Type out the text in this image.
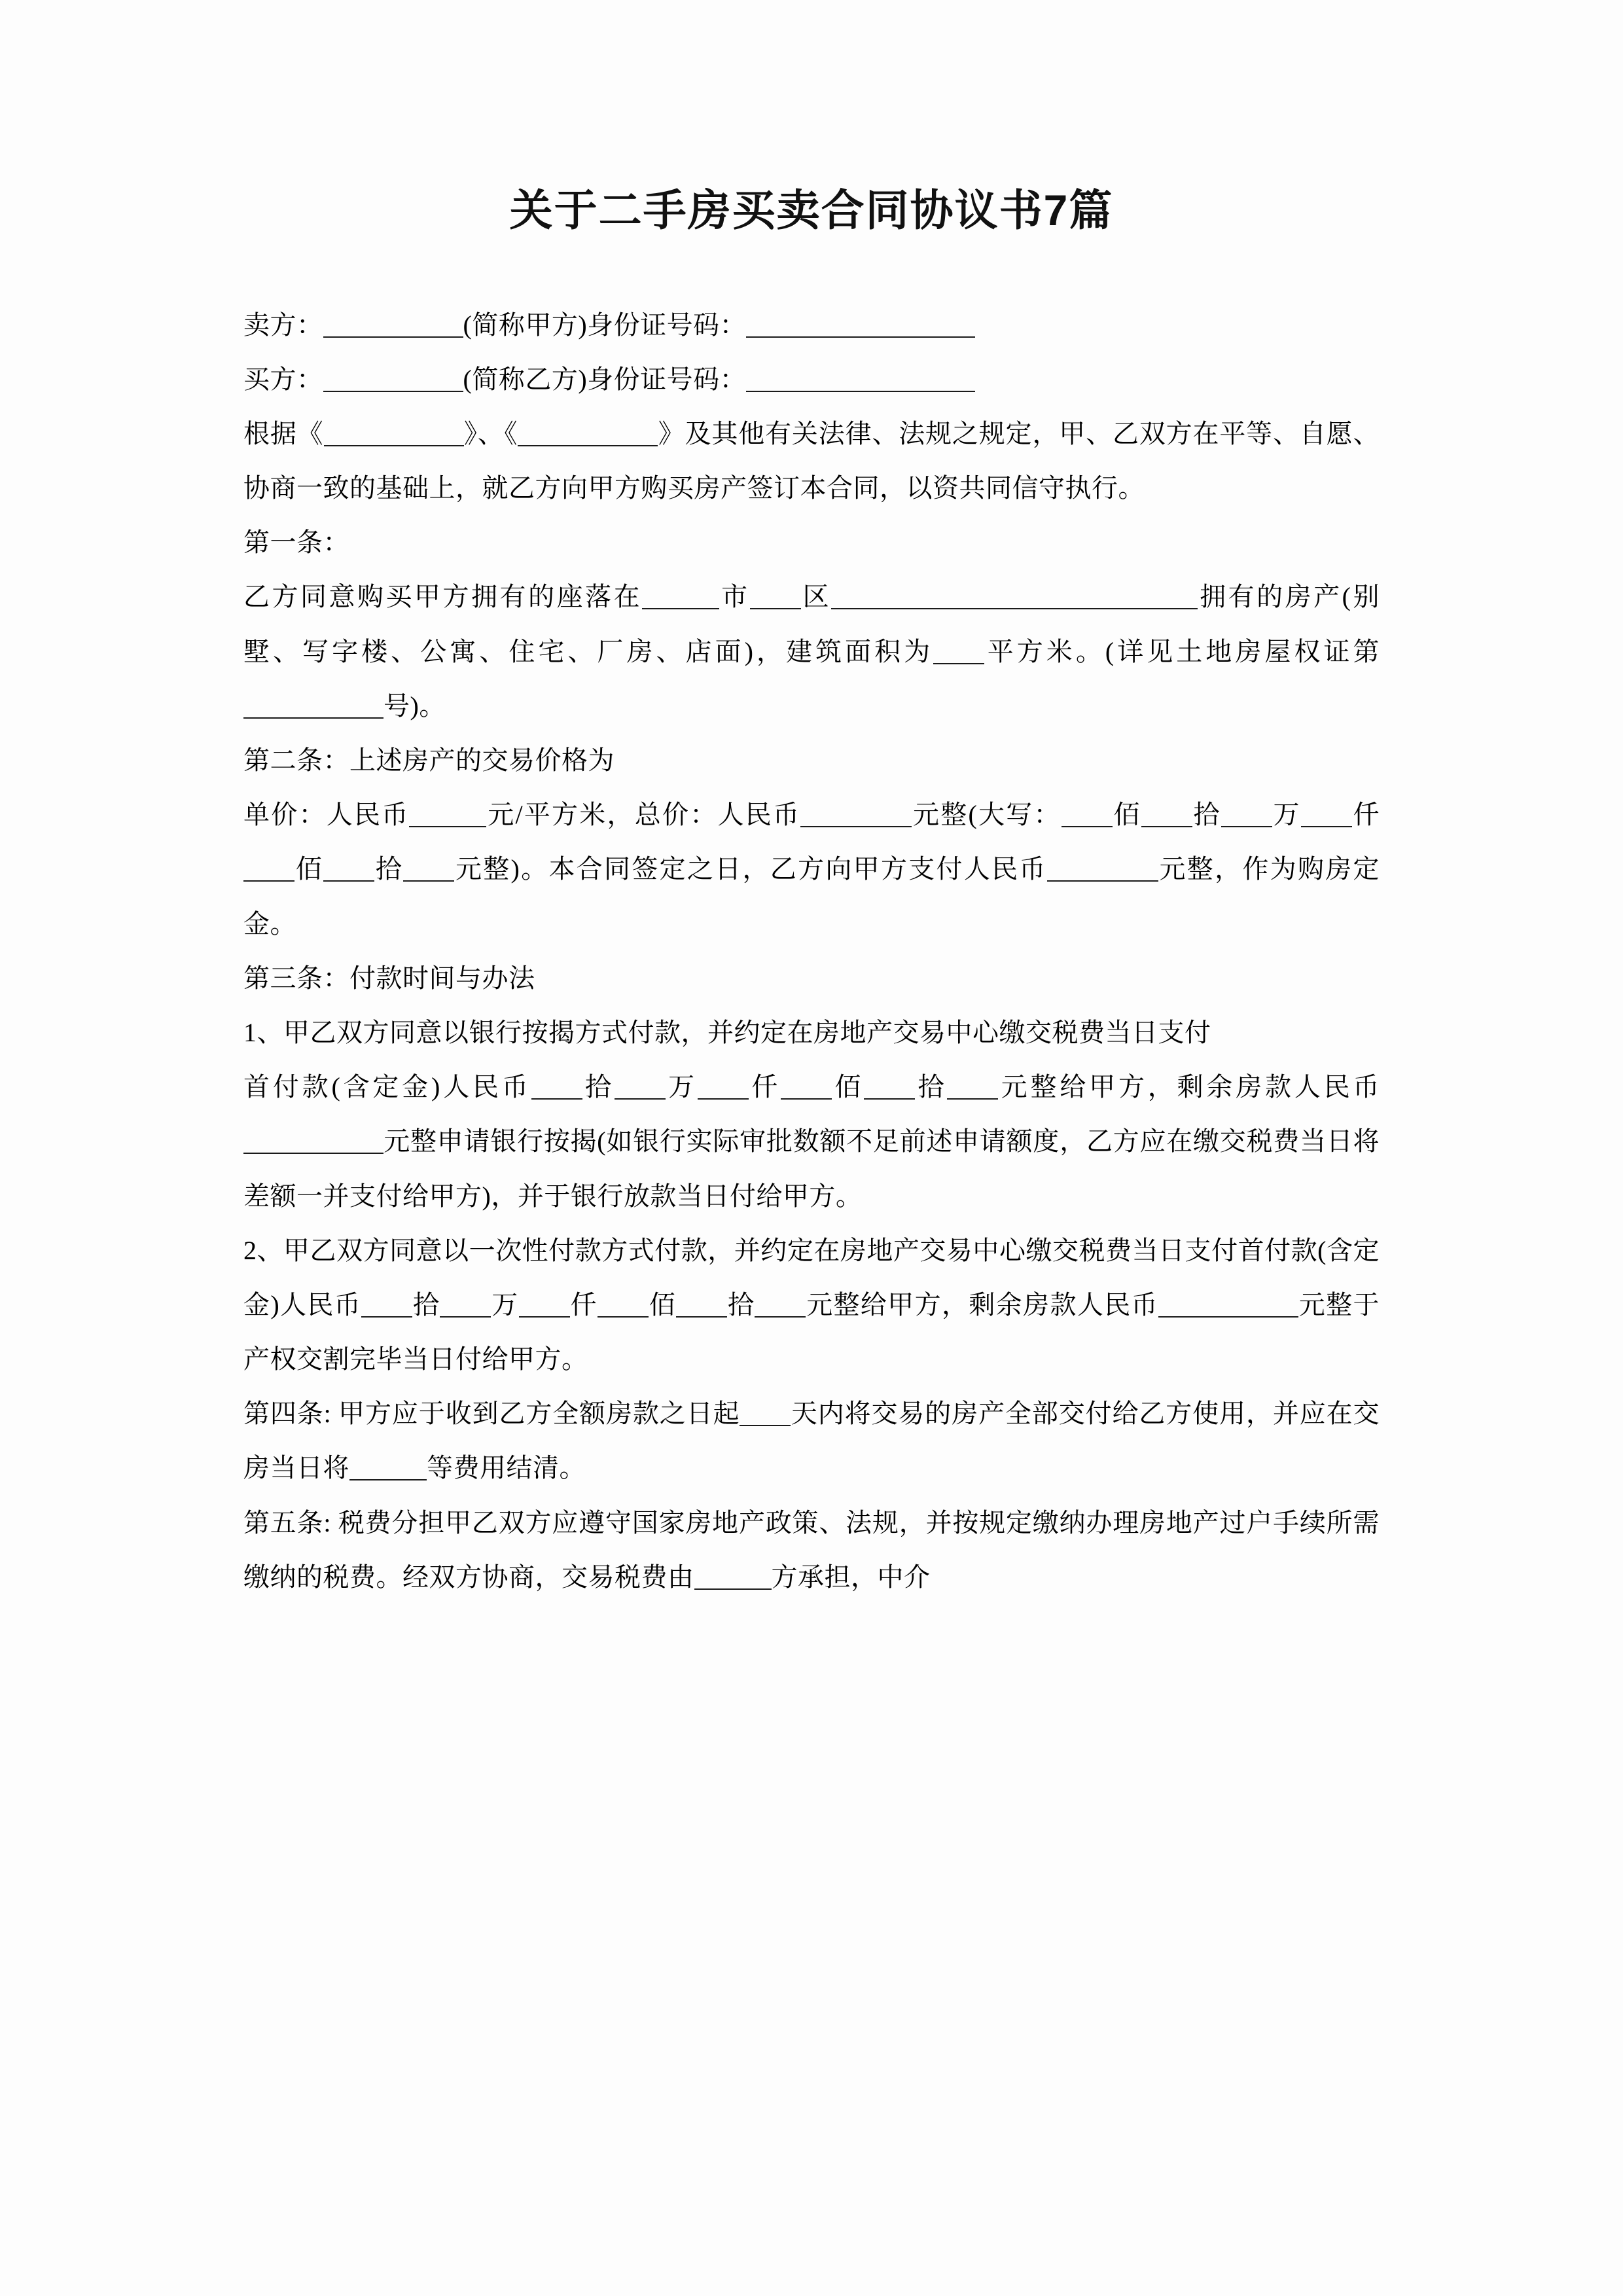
关于二手房买卖合同协议书7篇

卖方：	(简称甲方)身份证号码：

买方：	(简称乙方)身份证号码：

根据《	》、《	》及其他有关法律、法规之规定，甲、乙双方在平等、自愿、协商一致的基础上，就乙方向甲方购买房产签订本合同，以资共同信守执行。

第一条：

乙方同意购买甲方拥有的座落在	市 区	拥有的房产(别墅、写字楼、公寓、住宅、厂房、店面)，建筑面积为 平方米。(详见土地房屋权证第号)。

第二条：上述房产的交易价格为

单价：人民币	元/平方米，总价：人民币	元整(大写： 佰 拾 万 仟佰 拾 元整)。本合同签定之日，乙方向甲方支付人民币	元整，作为购房定金。

第三条：付款时间与办法

1、甲乙双方同意以银行按揭方式付款，并约定在房地产交易中心缴交税费当日支付

首付款(含定金)人民币 拾 万 仟 佰 拾 元整给甲方，剩余房款人民币元整申请银行按揭(如银行实际审批数额不足前述申请额度，乙方应在缴交税费当日将差额一并支付给甲方)，并于银行放款当日付给甲方。

2、甲乙双方同意以一次性付款方式付款，并约定在房地产交易中心缴交税费当日支付首付款(含定金)人民币 拾 万 仟 佰 拾 元整给甲方，剩余房款人民币	元整于产权交割完毕当日付给甲方。

第四条: 甲方应于收到乙方全额房款之日起 天内将交易的房产全部交付给乙方使用，并应在交房当日将	等费用结清。

第五条: 税费分担甲乙双方应遵守国家房地产政策、法规，并按规定缴纳办理房地产过户手续所需缴纳的税费。经双方协商，交易税费由	方承担，中介
